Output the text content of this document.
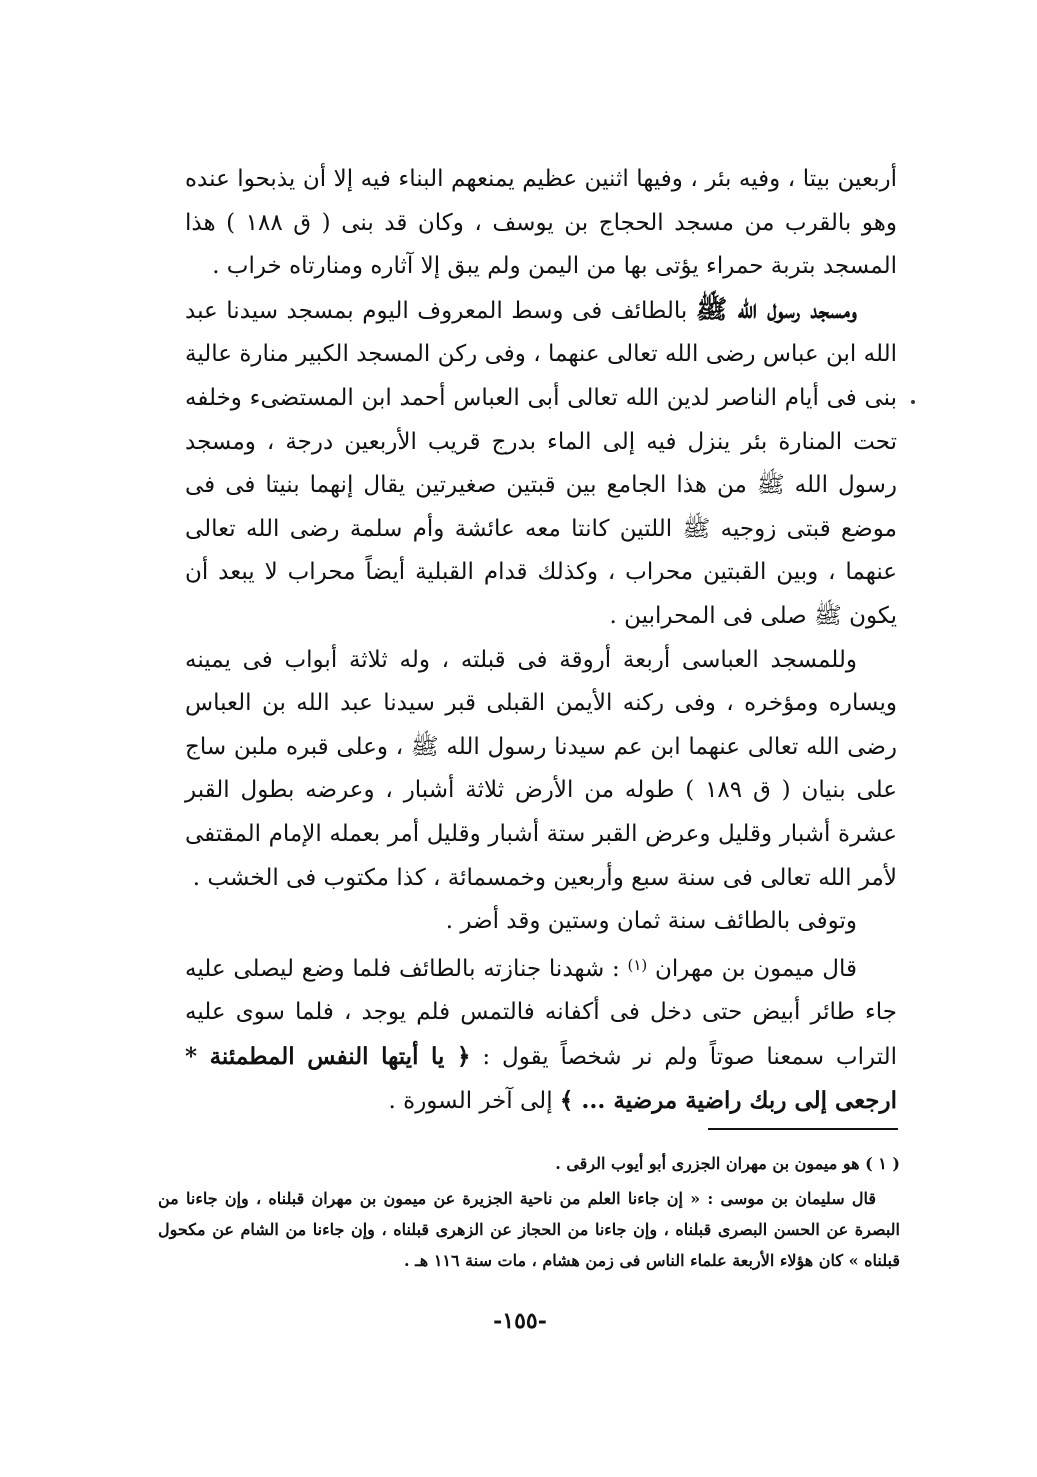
أربعين بيتا ، وفيه بئر ، وفيها اثنين عظيم يمنعهم البناء فيه إلا أن يذبحوا عنده وهو بالقرب من مسجد الحجاج بن يوسف ، وكان قد بنى ( ق ١٨٨ ) هذا المسجد بتربة حمراء يؤتى بها من اليمن ولم يبق إلا آثاره ومنارتاه خراب .

ومسجد رسول الله ﷺ بالطائف فى وسط المعروف اليوم بمسجد سيدنا عبد الله ابن عباس رضى الله تعالى عنهما ، وفى ركن المسجد الكبير منارة عالية بنى فى أيام الناصر لدين الله تعالى أبى العباس أحمد ابن المستضىء وخلفه تحت المنارة بئر ينزل فيه إلى الماء بدرج قريب الأربعين درجة ، ومسجد رسول الله ﷺ من هذا الجامع بين قبتين صغيرتين يقال إنهما بنيتا فى فى موضع قبتى زوجيه ﷺ اللتين كانتا معه عائشة وأم سلمة رضى الله تعالى عنهما ، وبين القبتين محراب ، وكذلك قدام القبلية أيضاً محراب لا يبعد أن يكون ﷺ صلى فى المحرابين .

وللمسجد العباسى أربعة أروقة فى قبلته ، وله ثلاثة أبواب فى يمينه ويساره ومؤخره ، وفى ركنه الأيمن القبلى قبر سيدنا عبد الله بن العباس رضى الله تعالى عنهما ابن عم سيدنا رسول الله ﷺ ، وعلى قبره ملبن ساج على بنيان ( ق ١٨٩ ) طوله من الأرض ثلاثة أشبار ، وعرضه بطول القبر عشرة أشبار وقليل وعرض القبر ستة أشبار وقليل أمر بعمله الإمام المقتفى لأمر الله تعالى فى سنة سبع وأربعين وخمسمائة ، كذا مكتوب فى الخشب .

وتوفى بالطائف سنة ثمان وستين وقد أضر .

قال ميمون بن مهران $^{(١)}$ : شهدنا جنازته بالطائف فلما وضع ليصلى عليه جاء طائر أبيض حتى دخل فى أكفانه فالتمس فلم يوجد ، فلما سوى عليه التراب سمعنا صوتاً ولم نر شخصاً يقول : ﴿ يا أيتها النفس المطمئنة * ارجعى إلى ربك راضية مرضية ... ﴾ إلى آخر السورة .

( ١ ) هو ميمون بن مهران الجزرى أبو أيوب الرقى .

قال سليمان بن موسى : « إن جاءنا العلم من ناحية الجزيرة عن ميمون بن مهران قبلناه ، وإن جاءنا من البصرة عن الحسن البصرى قبلناه ، وإن جاءنا من الحجاز عن الزهرى قبلناه ، وإن جاءنا من الشام عن مكحول قبلناه » كان هؤلاء الأربعة علماء الناس فى زمن هشام ، مات سنة ١١٦ هـ .

-١٥٥-
